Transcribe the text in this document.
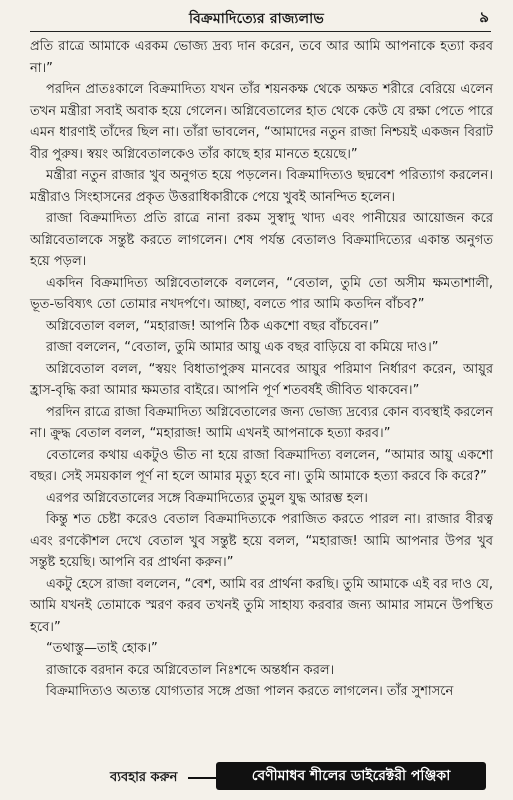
বিক্রমাদিত্যের রাজ্যলাভ	৯

প্রতি রাত্রে আমাকে এরকম ভোজ্য দ্রব্য দান করেন, তবে আর আমি আপনাকে হত্যা করব না।”

পরদিন প্রাতঃকালে বিক্রমাদিত্য যখন তাঁর শয়নকক্ষ থেকে অক্ষত শরীরে বেরিয়ে এলেন তখন মন্ত্রীরা সবাই অবাক হয়ে গেলেন। অগ্নিবেতালের হাত থেকে কেউ যে রক্ষা পেতে পারে এমন ধারণাই তাঁদের ছিল না। তাঁরা ভাবলেন, “আমাদের নতুন রাজা নিশ্চয়ই একজন বিরাট বীর পুরুষ। স্বয়ং অগ্নিবেতালকেও তাঁর কাছে হার মানতে হয়েছে।”

মন্ত্রীরা নতুন রাজার খুব অনুগত হয়ে পড়লেন। বিক্রমাদিত্যও ছদ্মবেশ পরিত্যাগ করলেন। মন্ত্রীরাও সিংহাসনের প্রকৃত উত্তরাধিকারীকে পেয়ে খুবই আনন্দিত হলেন।

রাজা বিক্রমাদিত্য প্রতি রাত্রে নানা রকম সুস্বাদু খাদ্য এবং পানীয়ের আয়োজন করে অগ্নিবেতালকে সন্তুষ্ট করতে লাগলেন। শেষ পর্যন্ত বেতালও বিক্রমাদিত্যের একান্ত অনুগত হয়ে পড়ল।

একদিন বিক্রমাদিত্য অগ্নিবেতালকে বললেন, “বেতাল, তুমি তো অসীম ক্ষমতাশালী, ভূত-ভবিষ্যৎ তো তোমার নখদর্পণে। আচ্ছা, বলতে পার আমি কতদিন বাঁচব?”

অগ্নিবেতাল বলল, “মহারাজ! আপনি ঠিক একশো বছর বাঁচবেন।”

রাজা বললেন, “বেতাল, তুমি আমার আয়ু এক বছর বাড়িয়ে বা কমিয়ে দাও।”

অগ্নিবেতাল বলল, “স্বয়ং বিধাতাপুরুষ মানবের আয়ুর পরিমাণ নির্ধারণ করেন, আয়ুর হ্রাস-বৃদ্ধি করা আমার ক্ষমতার বাইরে। আপনি পূর্ণ শতবর্ষই জীবিত থাকবেন।”

পরদিন রাত্রে রাজা বিক্রমাদিত্য অগ্নিবেতালের জন্য ভোজ্য দ্রব্যের কোন ব্যবস্থাই করলেন না। ক্রুদ্ধ বেতাল বলল, “মহারাজ! আমি এখনই আপনাকে হত্যা করব।”

বেতালের কথায় একটুও ভীত না হয়ে রাজা বিক্রমাদিত্য বললেন, “আমার আয়ু একশো বছর। সেই সময়কাল পূর্ণ না হলে আমার মৃত্যু হবে না। তুমি আমাকে হত্যা করবে কি করে?”

এরপর অগ্নিবেতালের সঙ্গে বিক্রমাদিত্যের তুমুল যুদ্ধ আরম্ভ হল।

কিন্তু শত চেষ্টা করেও বেতাল বিক্রমাদিত্যকে পরাজিত করতে পারল না। রাজার বীরত্ব এবং রণকৌশল দেখে বেতাল খুব সন্তুষ্ট হয়ে বলল, “মহারাজ! আমি আপনার উপর খুব সন্তুষ্ট হয়েছি। আপনি বর প্রার্থনা করুন।”

একটু হেসে রাজা বললেন, “বেশ, আমি বর প্রার্থনা করছি। তুমি আমাকে এই বর দাও যে, আমি যখনই তোমাকে স্মরণ করব তখনই তুমি সাহায্য করবার জন্য আমার সামনে উপস্থিত হবে।”

“তথাস্তু—তাই হোক।”

রাজাকে বরদান করে অগ্নিবেতাল নিঃশব্দে অন্তর্ধান করল।

বিক্রমাদিত্যও অত্যন্ত যোগ্যতার সঙ্গে প্রজা পালন করতে লাগলেন। তাঁর সুশাসনে

ব্যবহার করুন	বেণীমাধব শীলের ডাইরেক্টরী পঞ্জিকা
